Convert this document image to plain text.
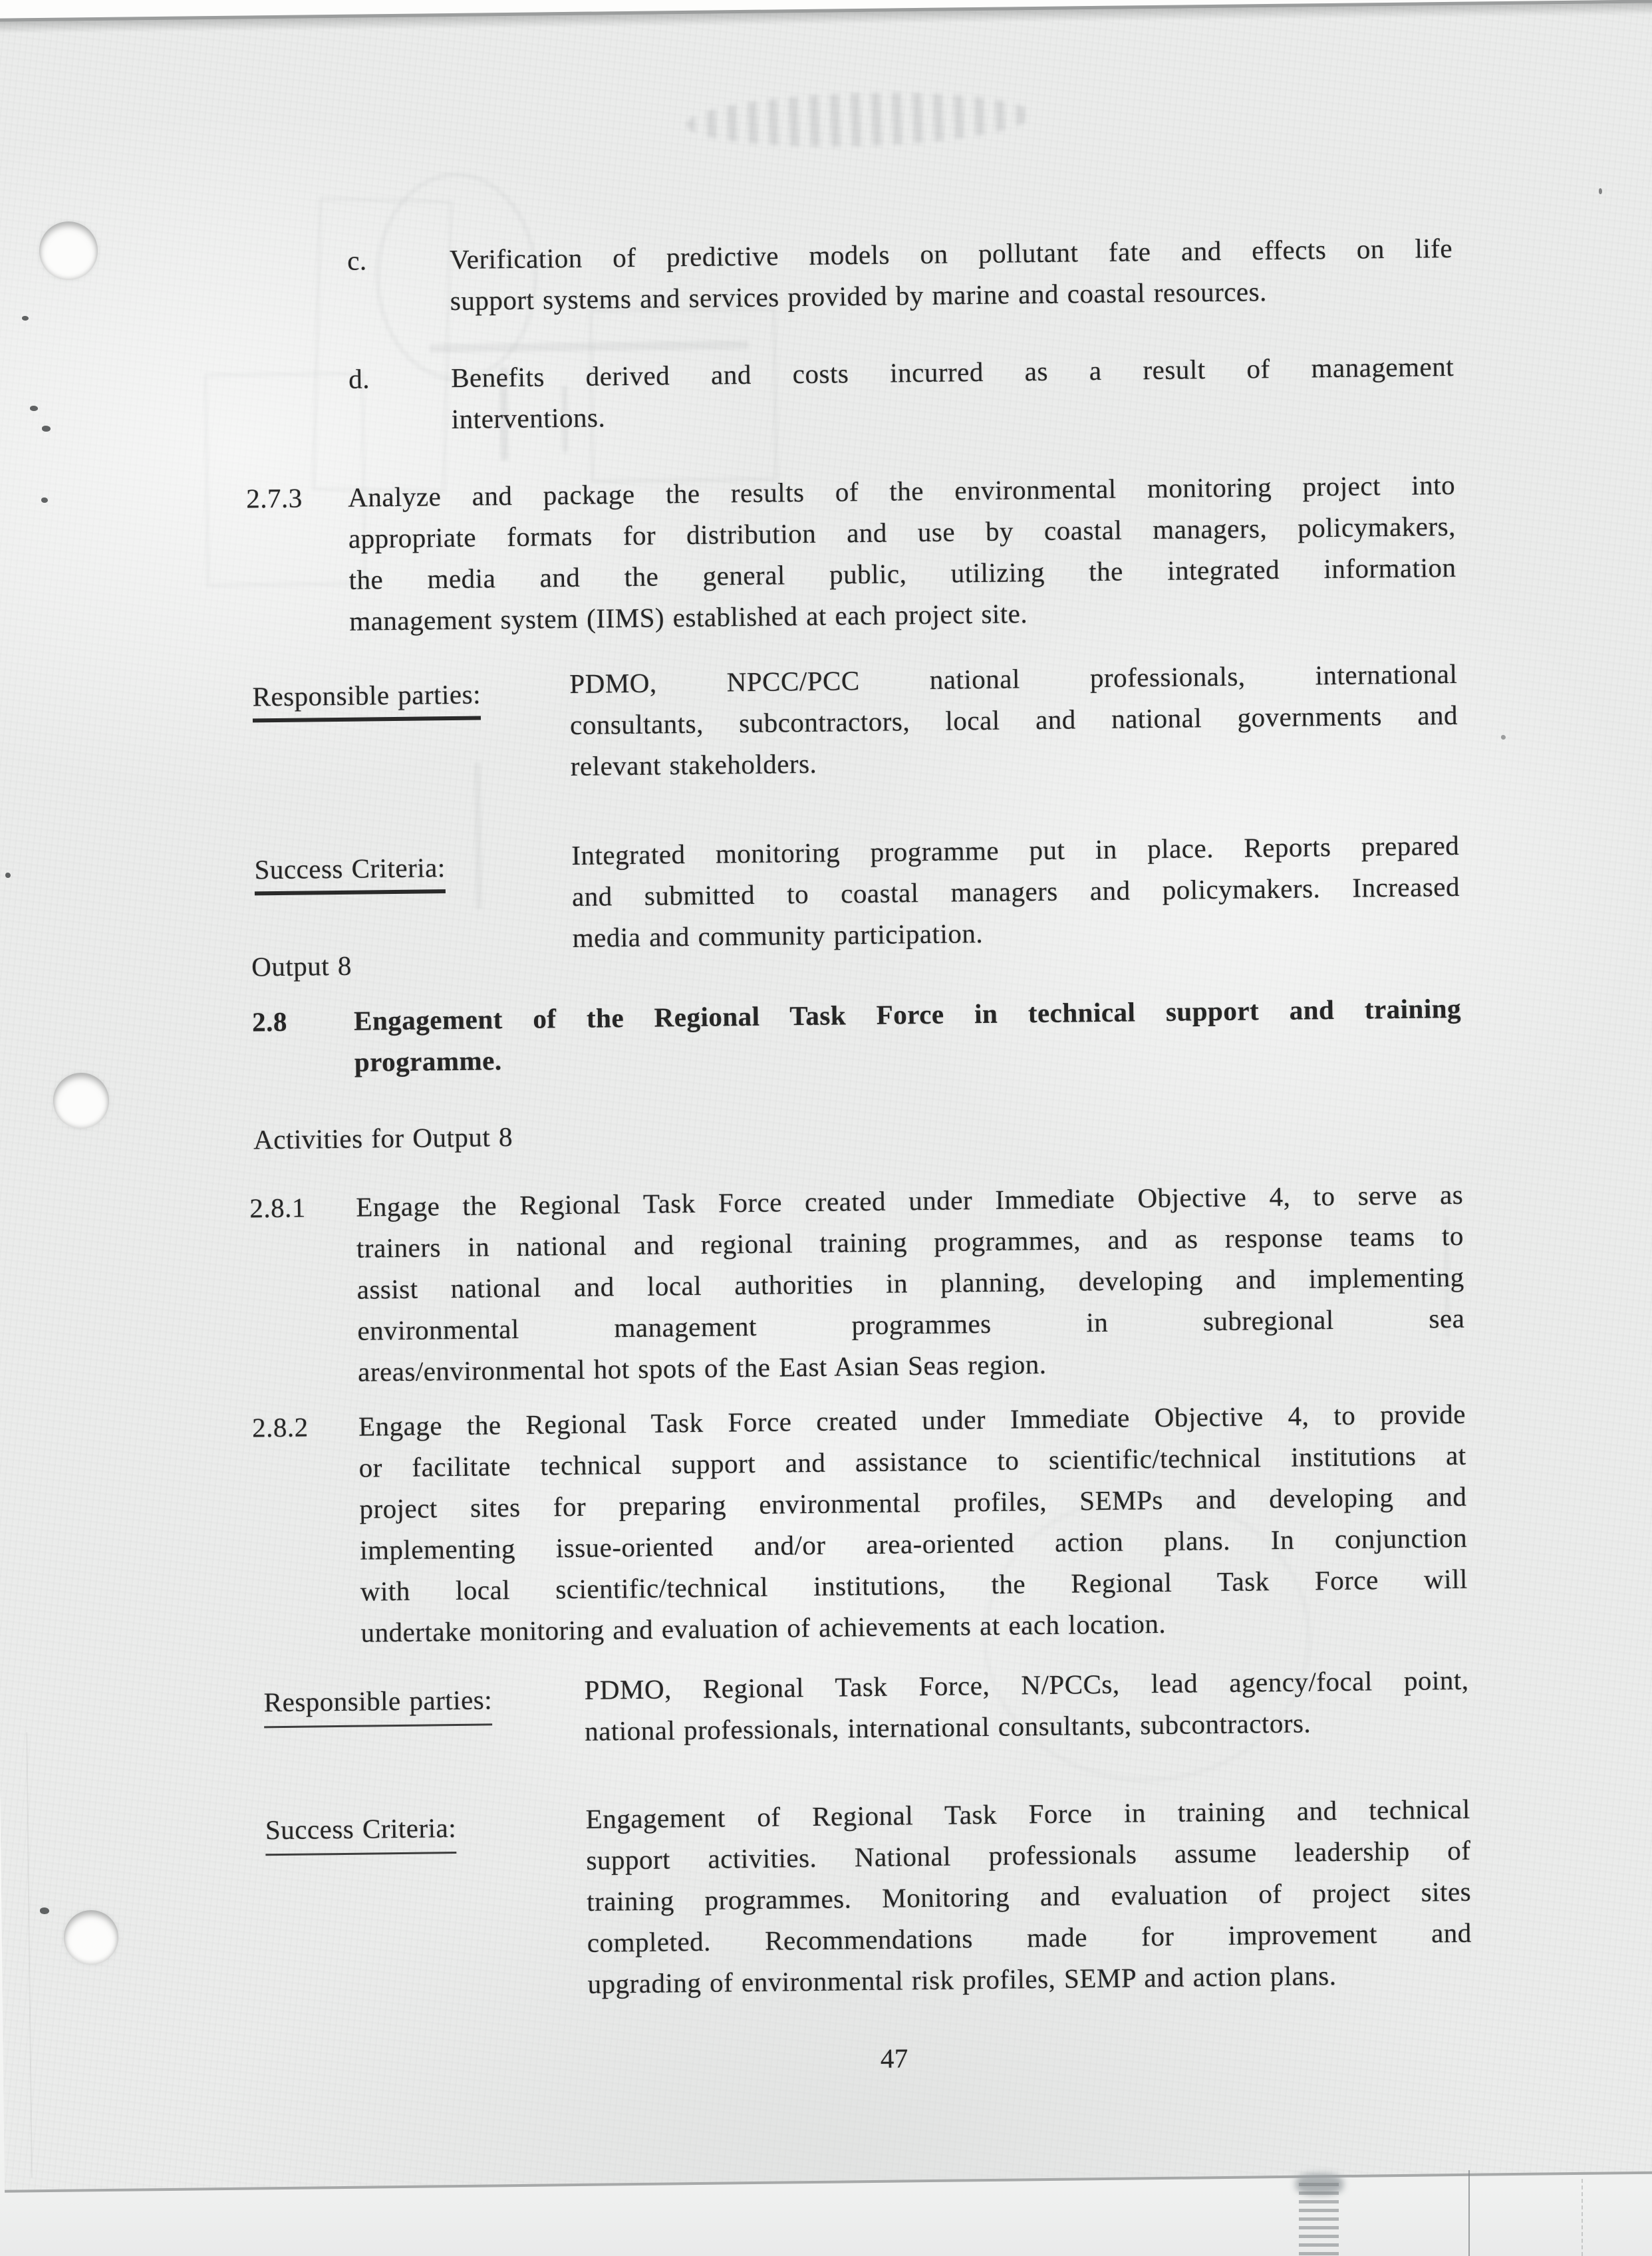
c.	Verification of predictive models on pollutant fate and effects on life
support systems and services provided by marine and coastal resources.
d.	Benefits derived and costs incurred as a result of management
interventions.
2.7.3 Analyze and package the results of the environmental monitoring project into
appropriate formats for distribution and use by coastal managers, policymakers,
the media and the general public, utilizing the integrated information
management system (IIMS) established at each project site.
Responsible parties:	PDMO, NPCC/PCC national professionals, international
consultants, subcontractors, local and national governments and
relevant stakeholders.
Success Criteria:	Integrated monitoring programme put in place. Reports prepared
and submitted to coastal managers and policymakers. Increased
media and community participation.
Output 8
2.8 Engagement of the Regional Task Force in technical support and training
programme.
Activities for Output 8
2.8.1 Engage the Regional Task Force created under Immediate Objective 4, to serve as
trainers in national and regional training programmes, and as response teams to
assist national and local authorities in planning, developing and implementing
environmental management programmes in subregional sea
areas/environmental hot spots of the East Asian Seas region.
2.8.2 Engage the Regional Task Force created under Immediate Objective 4, to provide
or facilitate technical support and assistance to scientific/technical institutions at
project sites for preparing environmental profiles, SEMPs and developing and
implementing issue-oriented and/or area-oriented action plans. In conjunction
with local scientific/technical institutions, the Regional Task Force will
undertake monitoring and evaluation of achievements at each location.
Responsible parties:	PDMO, Regional Task Force, N/PCCs, lead agency/focal point,
national professionals, international consultants, subcontractors.
Success Criteria:	Engagement of Regional Task Force in training and technical
support activities. National professionals assume leadership of
training programmes. Monitoring and evaluation of project sites
completed. Recommendations made for improvement and
upgrading of environmental risk profiles, SEMP and action plans.
47
